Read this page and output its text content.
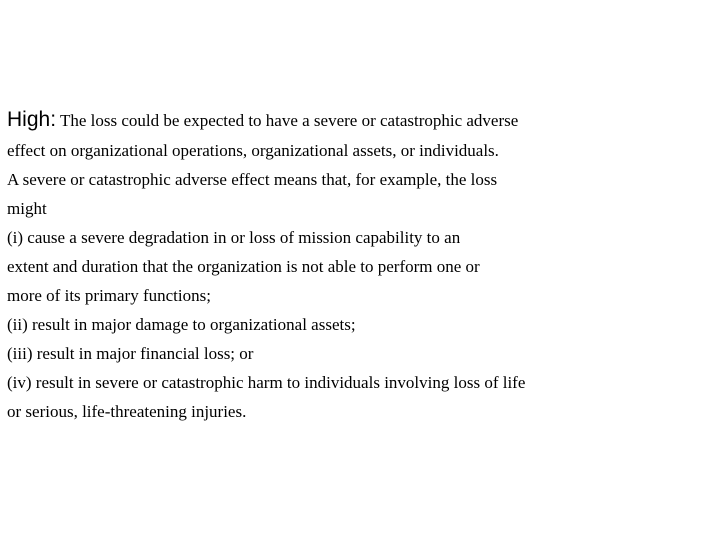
High: The loss could be expected to have a severe or catastrophic adverse
effect on organizational operations, organizational assets, or individuals.
A severe or catastrophic adverse effect means that, for example, the loss
might
(i) cause a severe degradation in or loss of mission capability to an
extent and duration that the organization is not able to perform one or
more of its primary functions;
(ii) result in major damage to organizational assets;
(iii) result in major financial loss; or
(iv) result in severe or catastrophic harm to individuals involving loss of life
or serious, life-threatening injuries.
